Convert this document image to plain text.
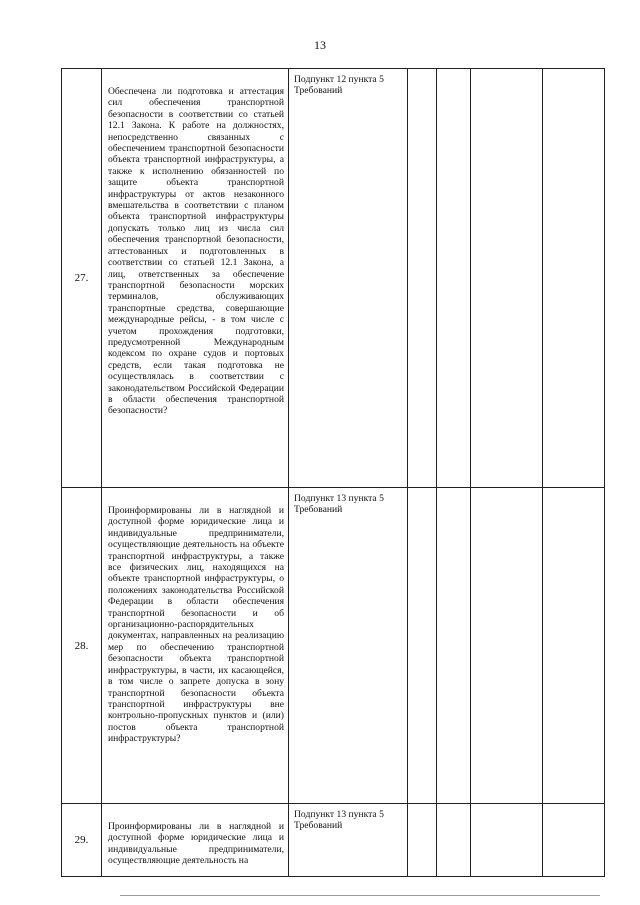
13
27.	Обеспечена ли подготовка и аттестация сил обеспечения транспортной безопасности в соответствии со статьей 12.1 Закона. К работе на должностях, непосредственно связанных с обеспечением транспортной безопасности объекта транспортной инфраструктуры, а также к исполнению обязанностей по защите объекта транспортной инфраструктуры от актов незаконного вмешательства в соответствии с планом объекта транспортной инфраструктуры допускать только лиц из числа сил обеспечения транспортной безопасности, аттестованных и подготовленных в соответствии со статьей 12.1 Закона, а лиц, ответственных за обеспечение транспортной безопасности морских терминалов, обслуживающих транспортные средства, совершающие международные рейсы, - в том числе с учетом прохождения подготовки, предусмотренной Международным кодексом по охране судов и портовых средств, если такая подготовка не осуществлялась в соответствии с законодательством Российской Федерации в области обеспечения транспортной безопасности?	Подпункт 12 пункта 5 Требований				
28.	Проинформированы ли в наглядной и доступной форме юридические лица и индивидуальные предприниматели, осуществляющие деятельность на объекте транспортной инфраструктуры, а также все физических лиц, находящихся на объекте транспортной инфраструктуры, о положениях законодательства Российской Федерации в области обеспечения транспортной безопасности и об организационно-распорядительных документах, направленных на реализацию мер по обеспечению транспортной безопасности объекта транспортной инфраструктуры, в части, их касающейся, в том числе о запрете допуска в зону транспортной безопасности объекта транспортной инфраструктуры вне контрольно-пропускных пунктов и (или) постов объекта транспортной инфраструктуры?	Подпункт 13 пункта 5 Требований				
29.	Проинформированы ли в наглядной и доступной форме юридические лица и индивидуальные предприниматели, осуществляющие деятельность на	Подпункт 13 пункта 5 Требований				
